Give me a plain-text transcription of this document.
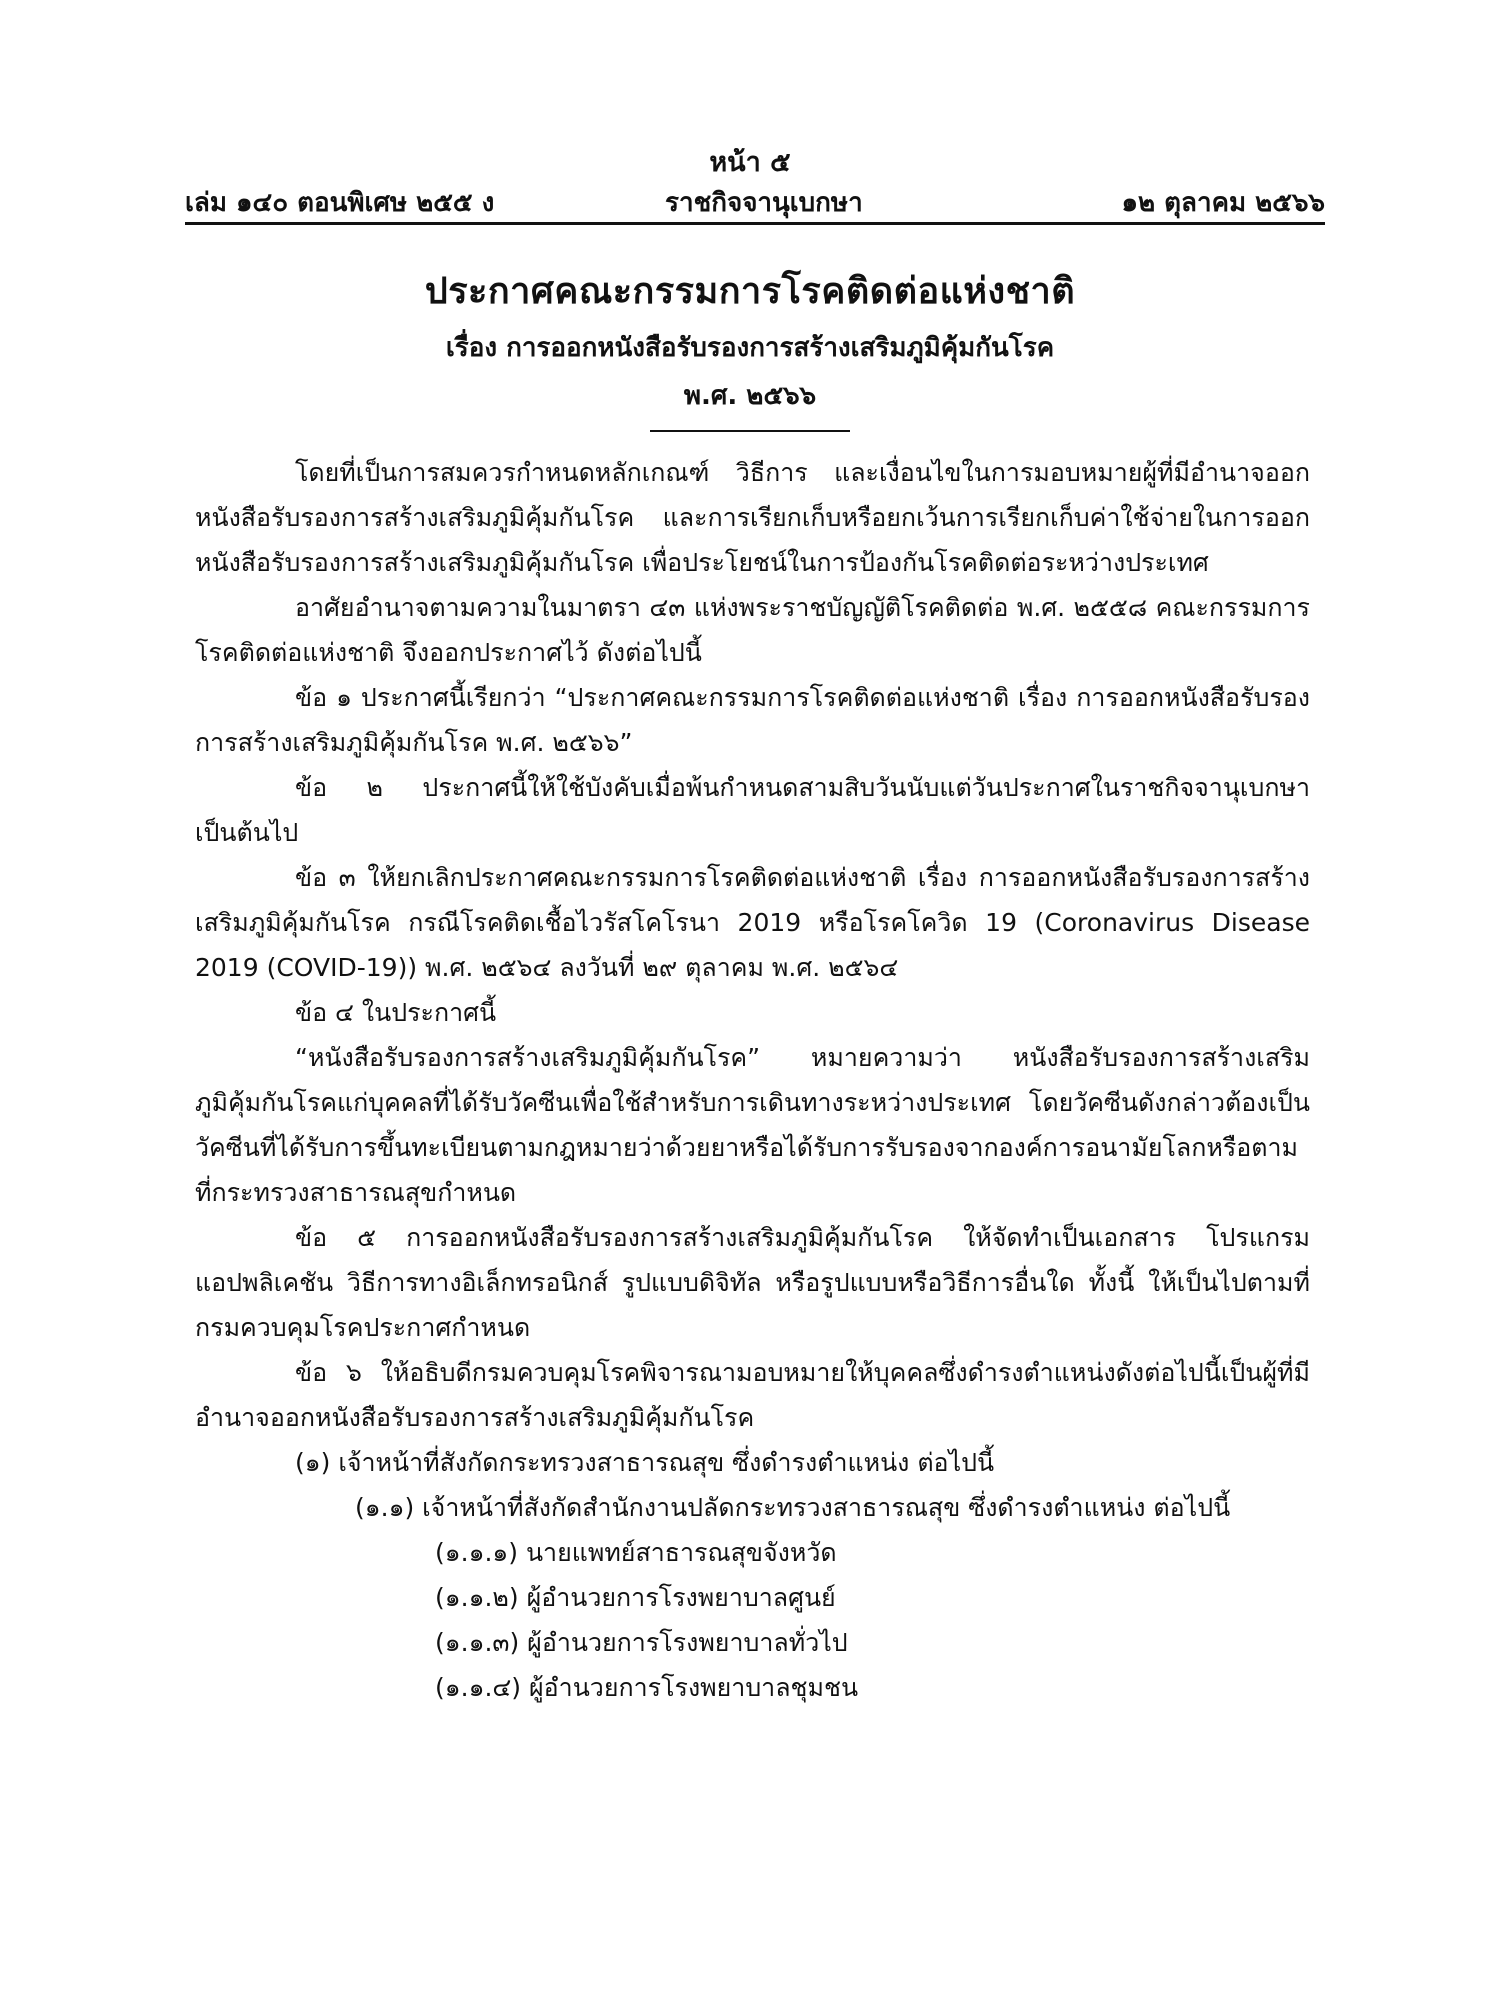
หน้า ๕
เล่ม ๑๔๐ ตอนพิเศษ ๒๕๕ ง	ราชกิจจานุเบกษา	๑๒ ตุลาคม ๒๕๖๖
ประกาศคณะกรรมการโรคติดต่อแห่งชาติ
เรื่อง การออกหนังสือรับรองการสร้างเสริมภูมิคุ้มกันโรค
พ.ศ. ๒๕๖๖

โดยที่เป็นการสมควรกำหนดหลักเกณฑ์ วิธีการ และเงื่อนไขในการมอบหมายผู้ที่มีอำนาจออกหนังสือรับรองการสร้างเสริมภูมิคุ้มกันโรค และการเรียกเก็บหรือยกเว้นการเรียกเก็บค่าใช้จ่ายในการออกหนังสือรับรองการสร้างเสริมภูมิคุ้มกันโรค เพื่อประโยชน์ในการป้องกันโรคติดต่อระหว่างประเทศ

อาศัยอำนาจตามความในมาตรา ๔๓ แห่งพระราชบัญญัติโรคติดต่อ พ.ศ. ๒๕๕๘ คณะกรรมการโรคติดต่อแห่งชาติ จึงออกประกาศไว้ ดังต่อไปนี้

ข้อ ๑ ประกาศนี้เรียกว่า “ประกาศคณะกรรมการโรคติดต่อแห่งชาติ เรื่อง การออกหนังสือรับรองการสร้างเสริมภูมิคุ้มกันโรค พ.ศ. ๒๕๖๖”

ข้อ ๒ ประกาศนี้ให้ใช้บังคับเมื่อพ้นกำหนดสามสิบวันนับแต่วันประกาศในราชกิจจานุเบกษาเป็นต้นไป

ข้อ ๓ ให้ยกเลิกประกาศคณะกรรมการโรคติดต่อแห่งชาติ เรื่อง การออกหนังสือรับรองการสร้างเสริมภูมิคุ้มกันโรค กรณีโรคติดเชื้อไวรัสโคโรนา 2019 หรือโรคโควิด 19 (Coronavirus Disease 2019 (COVID-19)) พ.ศ. ๒๕๖๔ ลงวันที่ ๒๙ ตุลาคม พ.ศ. ๒๕๖๔

ข้อ ๔ ในประกาศนี้

“หนังสือรับรองการสร้างเสริมภูมิคุ้มกันโรค” หมายความว่า หนังสือรับรองการสร้างเสริมภูมิคุ้มกันโรคแก่บุคคลที่ได้รับวัคซีนเพื่อใช้สำหรับการเดินทางระหว่างประเทศ โดยวัคซีนดังกล่าวต้องเป็นวัคซีนที่ได้รับการขึ้นทะเบียนตามกฎหมายว่าด้วยยาหรือได้รับการรับรองจากองค์การอนามัยโลกหรือตามที่กระทรวงสาธารณสุขกำหนด

ข้อ ๕ การออกหนังสือรับรองการสร้างเสริมภูมิคุ้มกันโรค ให้จัดทำเป็นเอกสาร โปรแกรมแอปพลิเคชัน วิธีการทางอิเล็กทรอนิกส์ รูปแบบดิจิทัล หรือรูปแบบหรือวิธีการอื่นใด ทั้งนี้ ให้เป็นไปตามที่กรมควบคุมโรคประกาศกำหนด

ข้อ ๖ ให้อธิบดีกรมควบคุมโรคพิจารณามอบหมายให้บุคคลซึ่งดำรงตำแหน่งดังต่อไปนี้เป็นผู้ที่มีอำนาจออกหนังสือรับรองการสร้างเสริมภูมิคุ้มกันโรค

(๑) เจ้าหน้าที่สังกัดกระทรวงสาธารณสุข ซึ่งดำรงตำแหน่ง ต่อไปนี้

(๑.๑) เจ้าหน้าที่สังกัดสำนักงานปลัดกระทรวงสาธารณสุข ซึ่งดำรงตำแหน่ง ต่อไปนี้

(๑.๑.๑) นายแพทย์สาธารณสุขจังหวัด

(๑.๑.๒) ผู้อำนวยการโรงพยาบาลศูนย์

(๑.๑.๓) ผู้อำนวยการโรงพยาบาลทั่วไป

(๑.๑.๔) ผู้อำนวยการโรงพยาบาลชุมชน
